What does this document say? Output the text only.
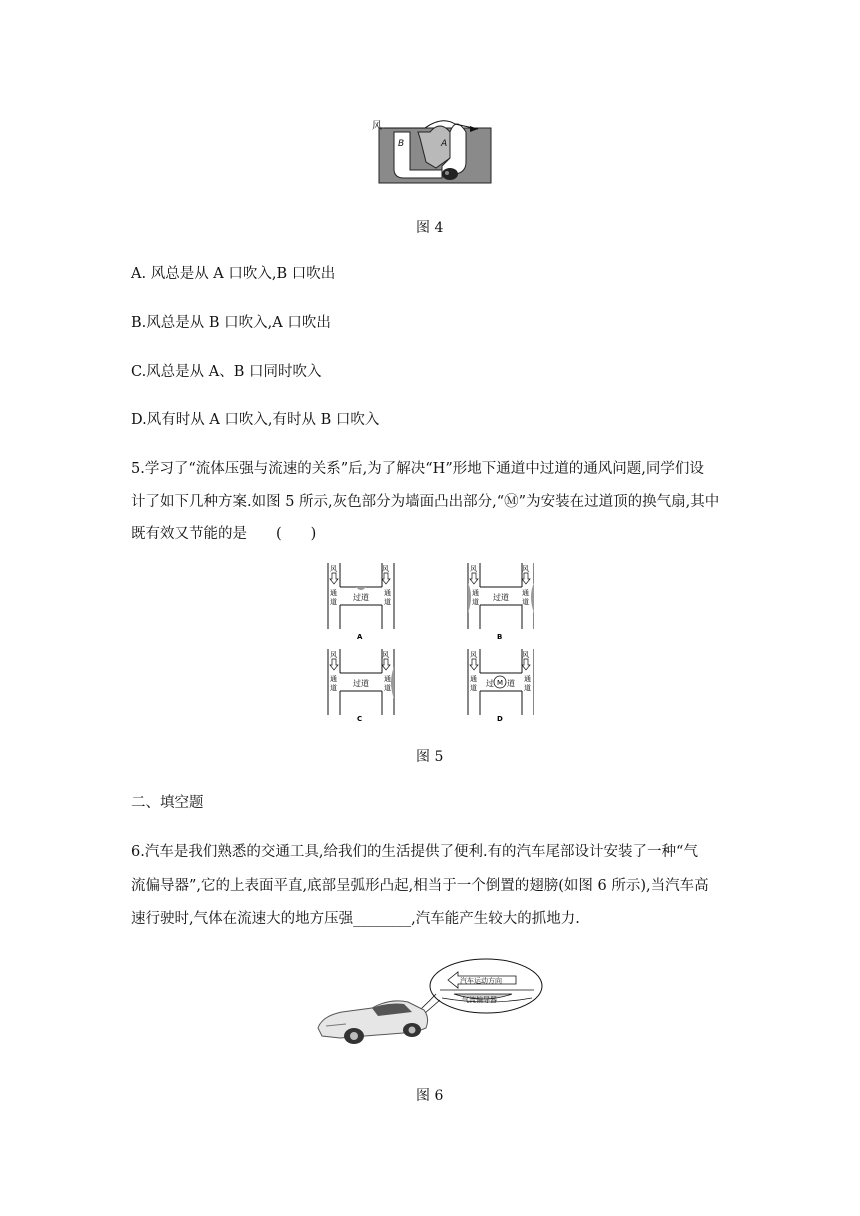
风
B	A
图 4
A. 风总是从 A 口吹入,B 口吹出
B.风总是从 B 口吹入,A 口吹出
C.风总是从 A、B 口同时吹入
D.风有时从 A 口吹入,有时从 B 口吹入
5.学习了“流体压强与流速的关系”后,为了解决“H”形地下通道中过道的通风问题,同学们设
计了如下几种方案.如图 5 所示,灰色部分为墙面凸出部分,“Ⓜ”为安装在过道顶的换气扇,其中
既有效又节能的是　　(　　)
风	风
通
道
通
道
过道
A
风	风
通
道
通
道
过道
B
风	风
通
道
通
道
过道
C
风	风
通
道
通
道
过 M 道
D
图 5
二、填空题
6.汽车是我们熟悉的交通工具,给我们的生活提供了便利.有的汽车尾部设计安装了一种“气
流偏导器”,它的上表面平直,底部呈弧形凸起,相当于一个倒置的翅膀(如图 6 所示),当汽车高
速行驶时,气体在流速大的地方压强________,汽车能产生较大的抓地力.
汽车运动方向
气流偏导器
图 6
